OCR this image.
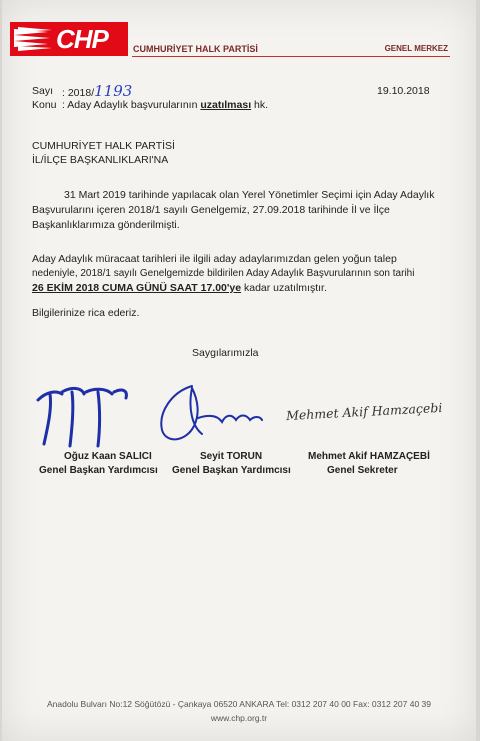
CHP	CUMHURİYET HALK PARTİSİ	GENEL MERKEZ
Sayı : 2018/1193	19.10.2018
Konu : Aday Adaylık başvurularının uzatılması hk.
CUMHURİYET HALK PARTİSİ
İL/İLÇE BAŞKANLIKLARI'NA
31 Mart 2019 tarihinde yapılacak olan Yerel Yönetimler Seçimi için Aday Adaylık
Başvurularını içeren 2018/1 sayılı Genelgemiz, 27.09.2018 tarihinde İl ve İlçe
Başkanlıklarımıza gönderilmişti.
Aday Adaylık müracaat tarihleri ile ilgili aday adaylarımızdan gelen yoğun talep
nedeniyle, 2018/1 sayılı Genelgemizde bildirilen Aday Adaylık Başvurularının son tarihi
26 EKİM 2018 CUMA GÜNÜ SAAT 17.00'ye kadar uzatılmıştır.
Bilgilerinize rica ederiz.
Saygılarımızla
Mehmet Akif Hamzaçebi
Oğuz Kaan SALICI
Genel Başkan Yardımcısı
Seyit TORUN
Genel Başkan Yardımcısı
Mehmet Akif HAMZAÇEBİ
Genel Sekreter
Anadolu Bulvarı No:12 Söğütözü - Çankaya 06520 ANKARA Tel: 0312 207 40 00 Fax: 0312 207 40 39
www.chp.org.tr
